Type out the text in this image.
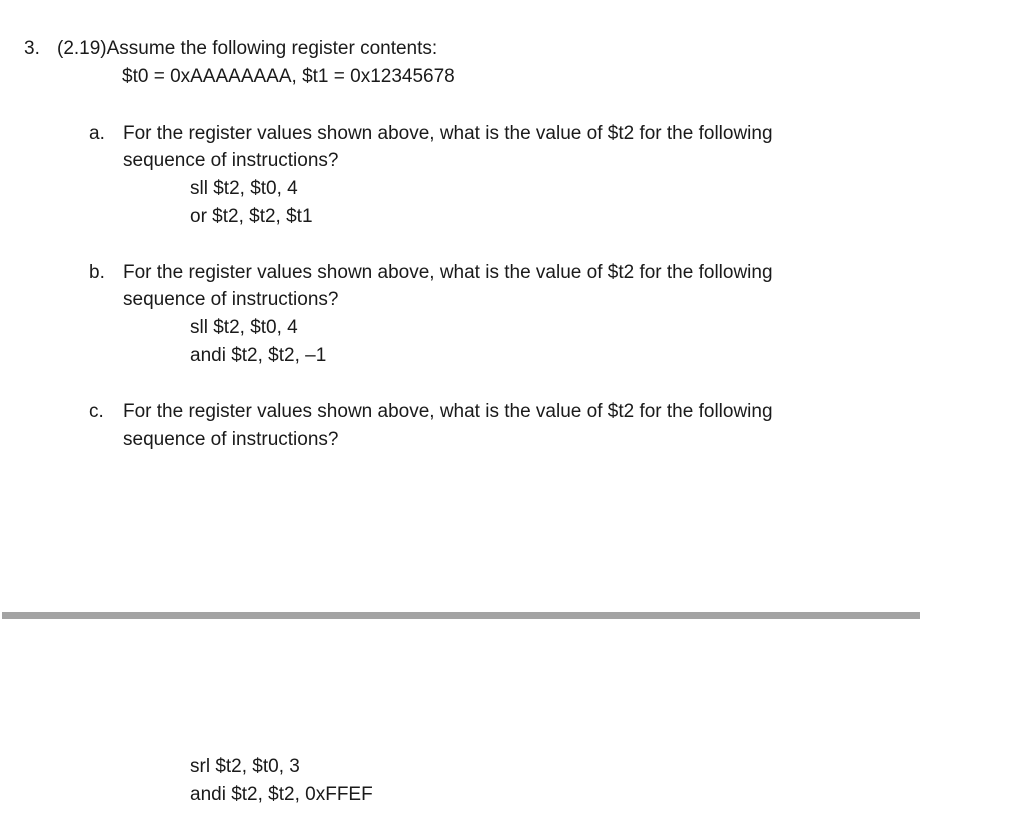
3. (2.19)Assume the following register contents:
$t0 = 0xAAAAAAAA, $t1 = 0x12345678
a. For the register values shown above, what is the value of $t2 for the following
sequence of instructions?
sll $t2, $t0, 4
or $t2, $t2, $t1
b. For the register values shown above, what is the value of $t2 for the following
sequence of instructions?
sll $t2, $t0, 4
andi $t2, $t2, –1
c. For the register values shown above, what is the value of $t2 for the following
sequence of instructions?
srl $t2, $t0, 3
andi $t2, $t2, 0xFFEF
